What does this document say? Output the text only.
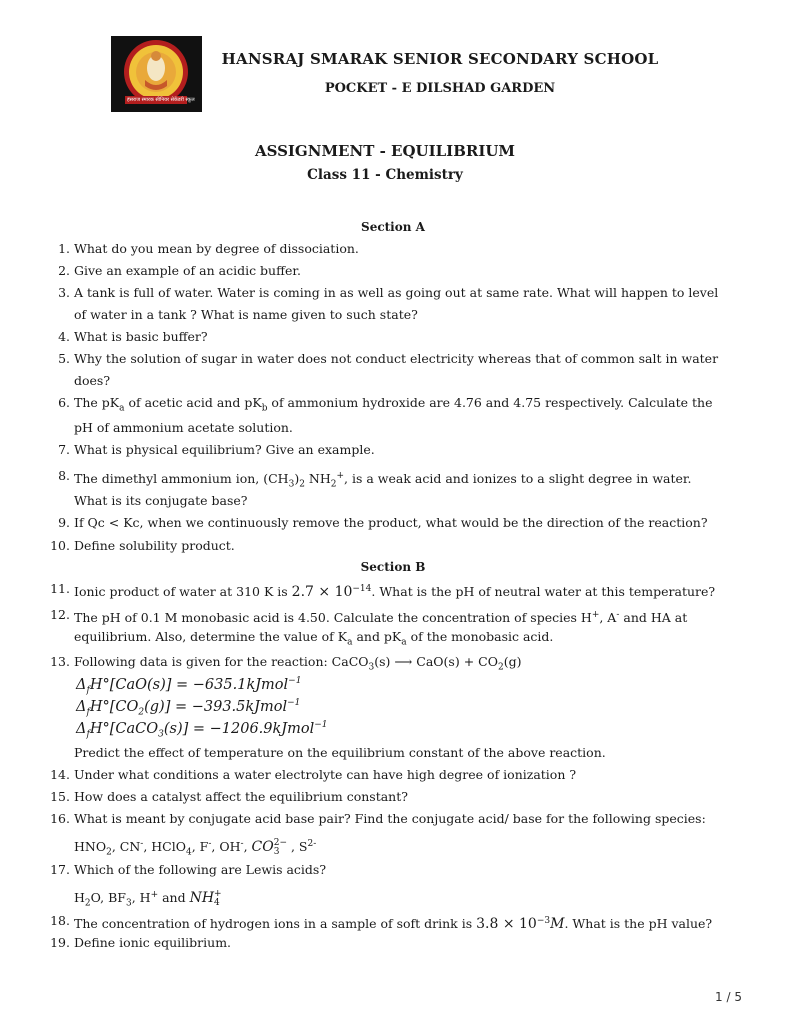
हंसराज स्मारक सीनियर सेकेंडरी स्कूल
HANSRAJ SMARAK SENIOR SECONDARY SCHOOL
POCKET - E DILSHAD GARDEN
ASSIGNMENT - EQUILIBRIUM
Class 11 - Chemistry
Section A
1. What do you mean by degree of dissociation.
2. Give an example of an acidic buffer.
3. A tank is full of water. Water is coming in as well as going out at same rate. What will happen to level
of water in a tank ? What is name given to such state?
4. What is basic buffer?
5. Why the solution of sugar in water does not conduct electricity whereas that of common salt in water
does?
6. The $pK_a$ of acetic acid and $pK_b$ of ammonium hydroxide are 4.76 and 4.75 respectively. Calculate the
pH of ammonium acetate solution.
7. What is physical equilibrium? Give an example.
8. The dimethyl ammonium ion, $(CH_3)_2$ $NH_2^+$, is a weak acid and ionizes to a slight degree in water.
What is its conjugate base?
9. If Qc < Kc, when we continuously remove the product, what would be the direction of the reaction?
10. Define solubility product.
Section B
11. Ionic product of water at 310 K is $2.7 \times 10^{-14}$. What is the pH of neutral water at this temperature?
12. The pH of 0.1 M monobasic acid is 4.50. Calculate the concentration of species H+, A- and HA at
equilibrium. Also, determine the value of $K_a$ and $pK_a$ of the monobasic acid.
13. Following data is given for the reaction: CaCO$_3$(s) ⟶ $CaO(s) + CO_2(g)$
$\Delta_fH^\circ[CaO(s)]$ = −635.1kJmol$^{-1}$
$\Delta_fH^\circ[CO_2(g)]$ = −393.5kJmol$^{-1}$
$\Delta_fH^\circ[CaCO_3(s)]$ = −1206.9kJmol$^{-1}$
Predict the effect of temperature on the equilibrium constant of the above reaction.
14. Under what conditions a water electrolyte can have high degree of ionization ?
15. How does a catalyst affect the equilibrium constant?
16. What is meant by conjugate acid base pair? Find the conjugate acid/ base for the following species:
$HNO_2$, CN-, HClO$_4$, F-, OH-, CO 2−
3 , $S^{2-}$
17. Which of the following are Lewis acids?
$H_2O$, $BF_3$, H+ and NH +
4
18. The concentration of hydrogen ions in a sample of soft drink is $3.8 \times 10^{-3}M$. What is the pH value?
19. Define ionic equilibrium.
1 / 5
